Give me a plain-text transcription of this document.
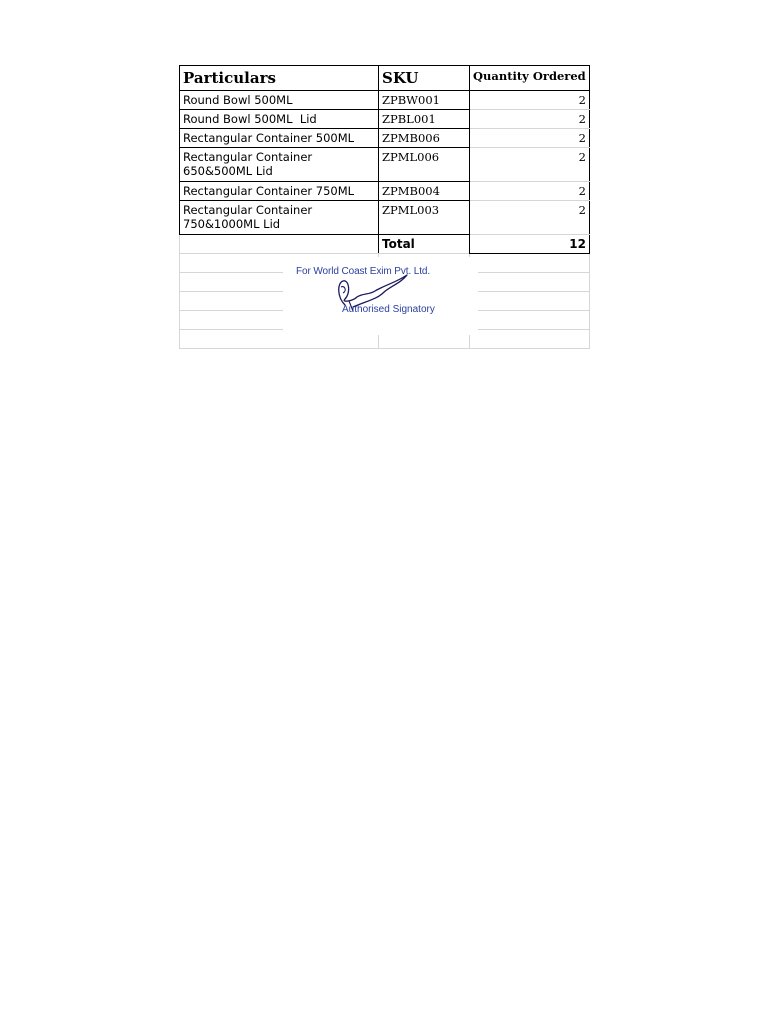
Particulars	SKU	Quantity Ordered
Round Bowl 500ML	ZPBW001	2
Round Bowl 500ML  Lid	ZPBL001	2
Rectangular Container 500ML	ZPMB006	2
Rectangular Container 650&500ML Lid	ZPML006	2
Rectangular Container 750ML	ZPMB004	2
Rectangular Container 750&1000ML Lid	ZPML003	2
	Total	12

For World Coast Exim Pvt. Ltd.
Authorised Signatory
